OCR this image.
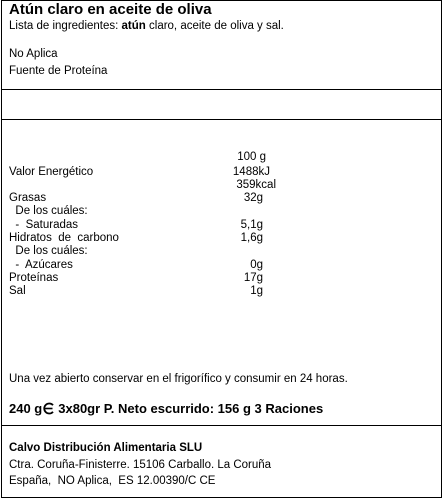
Atún claro en aceite de oliva
Lista de ingredientes: atún claro, aceite de oliva y sal.
No Aplica
Fuente de Proteína
100 g
Valor Energético	1488kJ
359kcal
Grasas	32g
De los cuáles:
-  Saturadas	5,1g
Hidratos  de  carbono	1,6g
De los cuáles:
-  Azúcares	0g
Proteínas	17g
Sal	1g
Una vez abierto conservar en el frigorífico y consumir en 24 horas.
240 g 3x80gr P. Neto escurrido: 156 g 3 Raciones
Calvo Distribución Alimentaria SLU
Ctra. Coruña-Finisterre. 15106 Carballo. La Coruña
España,  NO Aplica,  ES 12.00390/C CE
